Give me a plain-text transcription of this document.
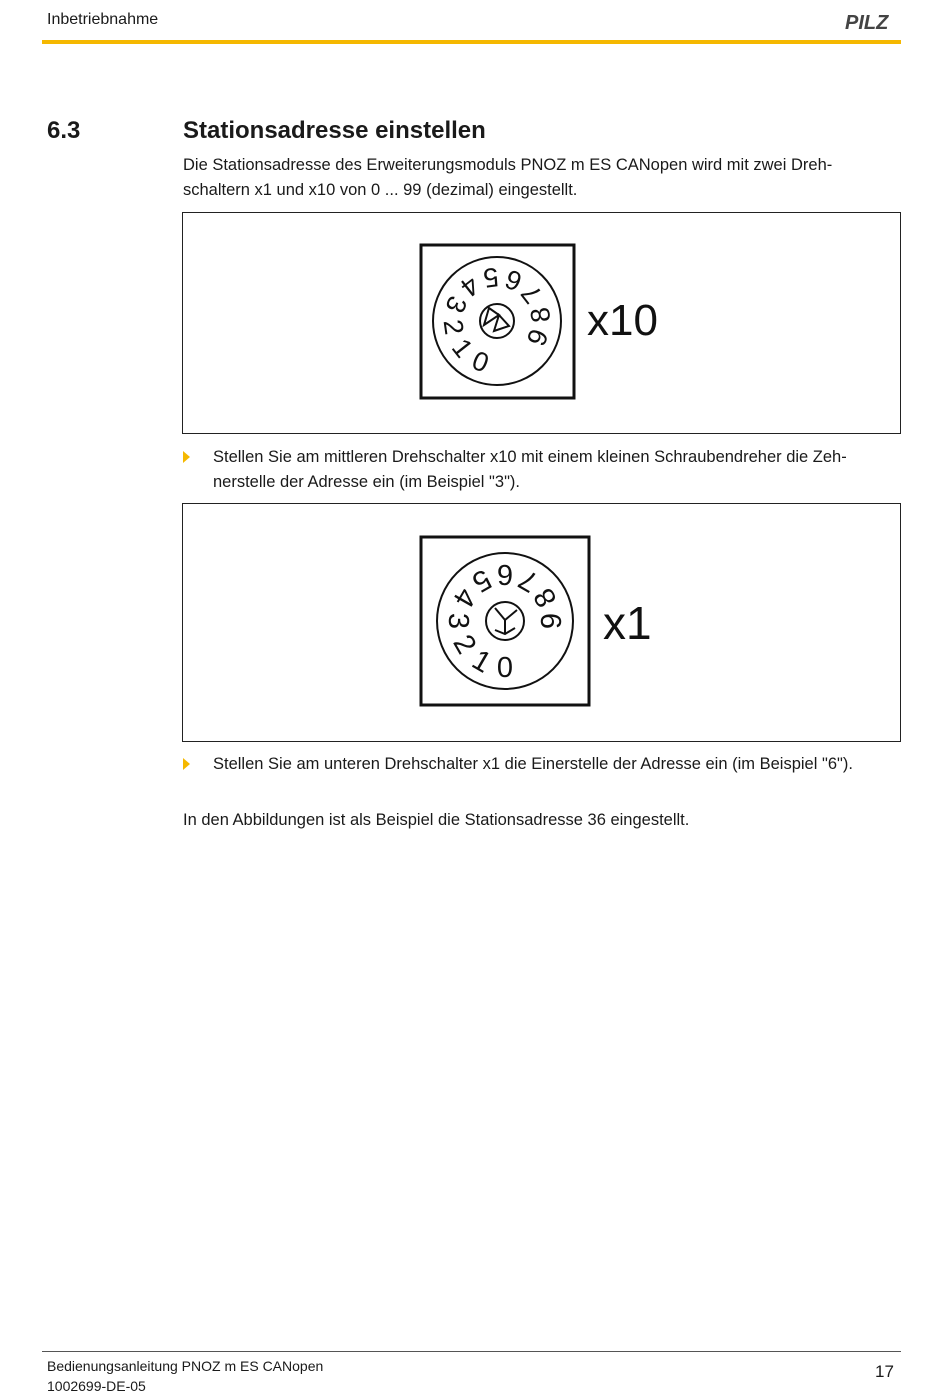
Inbetriebnahme	PILZ
6.3	Stationsadresse einstellen
Die Stationsadresse des Erweiterungsmoduls PNOZ m ES CANopen wird mit zwei Dreh- schaltern x1 und x10 von 0 ... 99 (dezimal) eingestellt.
0
1
2
3
4
5 6
7
8
9 x10
Stellen Sie am mittleren Drehschalter x10 mit einem kleinen Schraubendreher die Zeh- nerstelle der Adresse ein (im Beispiel "3").
0
1
2
3
4
5 6 7
8
9 x1
Stellen Sie am unteren Drehschalter x1 die Einerstelle der Adresse ein (im Beispiel "6").
In den Abbildungen ist als Beispiel die Stationsadresse 36 eingestellt.
Bedienungsanleitung PNOZ m ES CANopen
1002699-DE-05
17
